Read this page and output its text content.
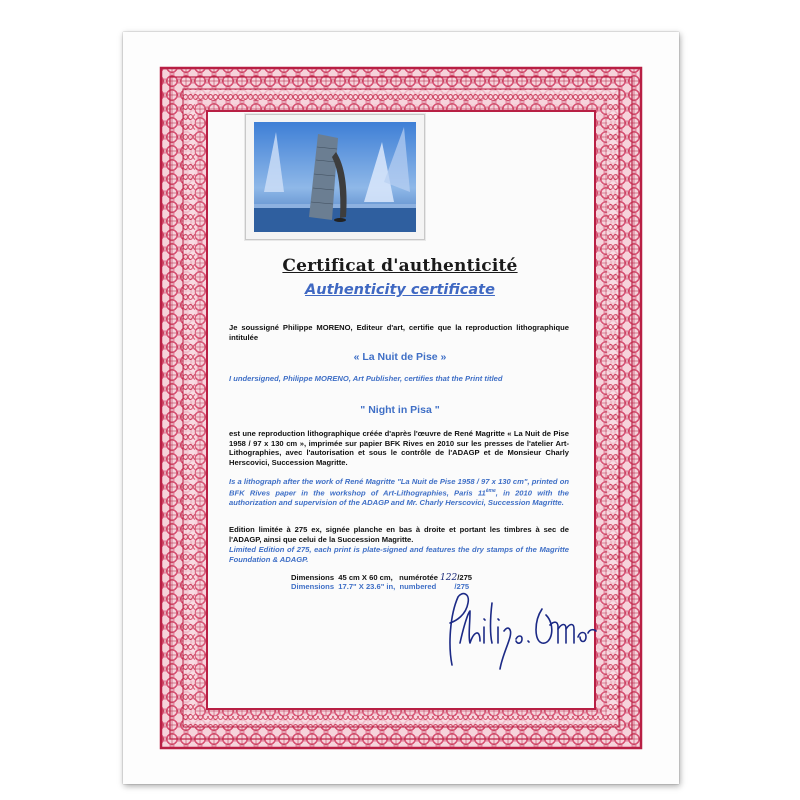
Certificat d'authenticité
Authenticity certificate
Je soussigné Philippe MORENO, Editeur d'art, certifie que la reproduction lithographique intitulée
« La Nuit de Pise »
I undersigned, Philippe MORENO, Art Publisher, certifies that the Print titled
" Night in Pisa "
est une reproduction lithographique créée d'après l'œuvre de René Magritte « La Nuit de Pise 1958 / 97 x 130 cm », imprimée sur papier BFK Rives en 2010 sur les presses de l'atelier Art-Lithographies, avec l'autorisation et sous le contrôle de l'ADAGP et de Monsieur Charly Herscovici, Succession Magritte.
Is a lithograph after the work of René Magritte "La Nuit de Pise 1958 / 97 x 130 cm", printed on BFK Rives paper in the workshop of Art-Lithographies, Paris 11ème, in 2010 with the authorization and supervision of the ADAGP and Mr. Charly Herscovici, Succession Magritte.
Edition limitée à 275 ex, signée planche en bas à droite et portant les timbres à sec de l'ADAGP, ainsi que celui de la Succession Magritte.
Limited Edition of 275, each print is plate-signed and features the dry stamps of the Magritte Foundation & ADAGP.
Dimensions 45 cm X 60 cm, numérotée 122/275
Dimensions 17.7" X 23.6" in, numbered /275
